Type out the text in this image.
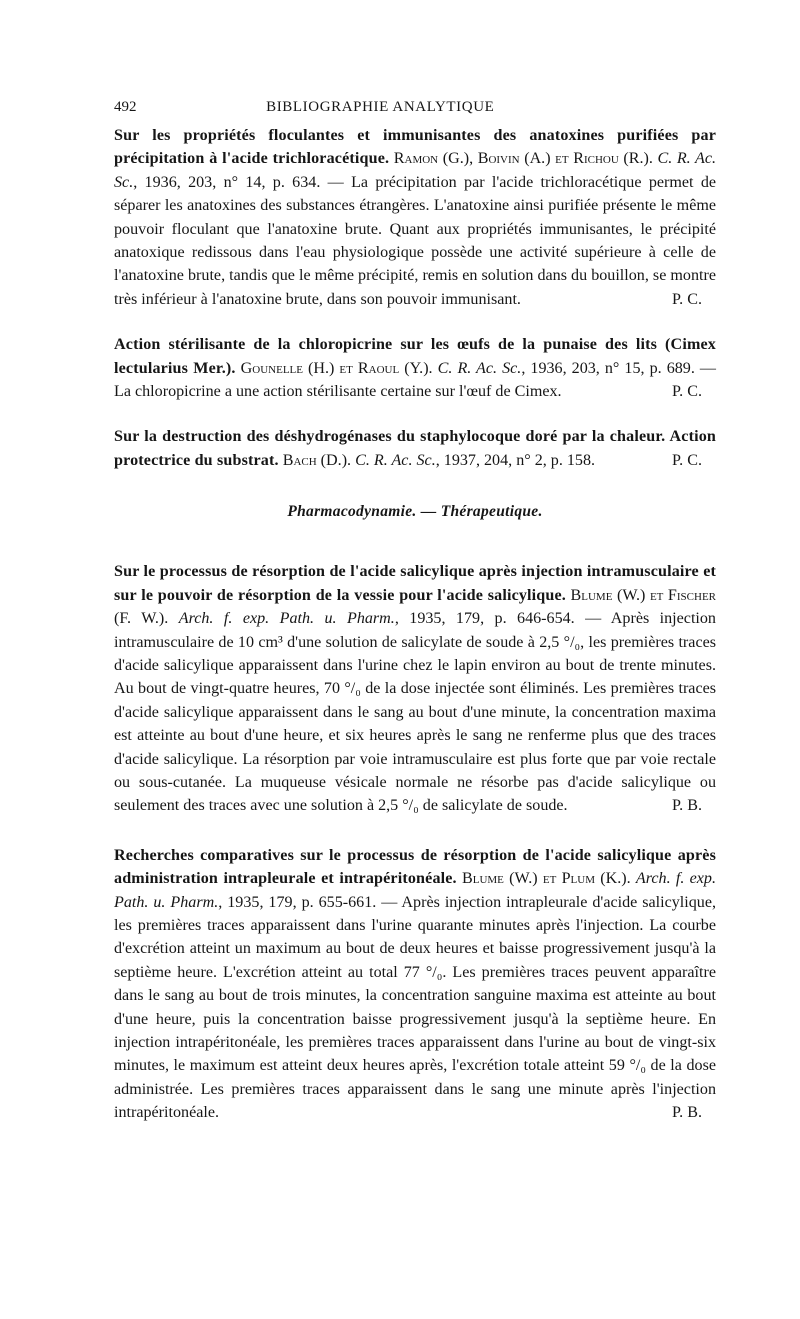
492	BIBLIOGRAPHIE ANALYTIQUE

Sur les propriétés floculantes et immunisantes des anatoxines purifiées par précipitation à l'acide trichloracétique. Ramon (G.), Boivin (A.) et Richou (R.). C. R. Ac. Sc., 1936, 203, n° 14, p. 634. — La précipitation par l'acide trichloracétique permet de séparer les anatoxines des substances étrangères. L'anatoxine ainsi purifiée présente le même pouvoir floculant que l'anatoxine brute. Quant aux propriétés immunisantes, le précipité anatoxique redissous dans l'eau physiologique possède une activité supérieure à celle de l'anatoxine brute, tandis que le même précipité, remis en solution dans du bouillon, se montre très inférieur à l'anatoxine brute, dans son pouvoir immunisant.	P. C.

Action stérilisante de la chloropicrine sur les œufs de la punaise des lits (Cimex lectularius Mer.). Gounelle (H.) et Raoul (Y.). C. R. Ac. Sc., 1936, 203, n° 15, p. 689. — La chloropicrine a une action stérilisante certaine sur l'œuf de Cimex.	P. C.

Sur la destruction des déshydrogénases du staphylocoque doré par la chaleur. Action protectrice du substrat. Bach (D.). C. R. Ac. Sc., 1937, 204, n° 2, p. 158.	P. C.

Pharmacodynamie. — Thérapeutique.

Sur le processus de résorption de l'acide salicylique après injection intramusculaire et sur le pouvoir de résorption de la vessie pour l'acide salicylique. Blume (W.) et Fischer (F. W.). Arch. f. exp. Path. u. Pharm., 1935, 179, p. 646-654. — Après injection intramusculaire de 10 cm³ d'une solution de salicylate de soude à 2,5 °/₀, les premières traces d'acide salicylique apparaissent dans l'urine chez le lapin environ au bout de trente minutes. Au bout de vingt-quatre heures, 70 °/₀ de la dose injectée sont éliminés. Les premières traces d'acide salicylique apparaissent dans le sang au bout d'une minute, la concentration maxima est atteinte au bout d'une heure, et six heures après le sang ne renferme plus que des traces d'acide salicylique. La résorption par voie intramusculaire est plus forte que par voie rectale ou sous-cutanée. La muqueuse vésicale normale ne résorbe pas d'acide salicylique ou seulement des traces avec une solution à 2,5 °/₀ de salicylate de soude.	P. B.

Recherches comparatives sur le processus de résorption de l'acide salicylique après administration intrapleurale et intrapéritonéale. Blume (W.) et Plum (K.). Arch. f. exp. Path. u. Pharm., 1935, 179, p. 655-661. — Après injection intrapleurale d'acide salicylique, les premières traces apparaissent dans l'urine quarante minutes après l'injection. La courbe d'excrétion atteint un maximum au bout de deux heures et baisse progressivement jusqu'à la septième heure. L'excrétion atteint au total 77 °/₀. Les premières traces peuvent apparaître dans le sang au bout de trois minutes, la concentration sanguine maxima est atteinte au bout d'une heure, puis la concentration baisse progressivement jusqu'à la septième heure. En injection intrapéritonéale, les premières traces apparaissent dans l'urine au bout de vingt-six minutes, le maximum est atteint deux heures après, l'excrétion totale atteint 59 °/₀ de la dose administrée. Les premières traces apparaissent dans le sang une minute après l'injection intrapéritonéale.	P. B.
